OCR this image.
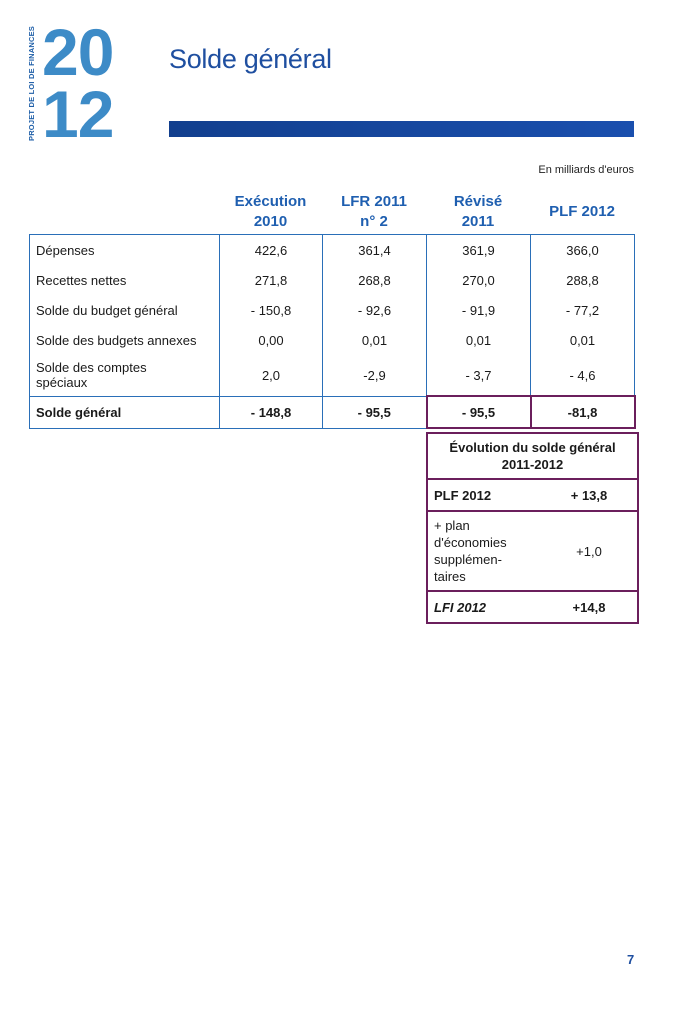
PROJET DE LOI DE FINANCES 20
12
Solde général
En milliards d'euros
Exécution
2010
LFR 2011
n° 2
Révisé
2011
PLF 2012
Dépenses	422,6	361,4	361,9	366,0
Recettes nettes	271,8	268,8	270,0	288,8
Solde du budget général	- 150,8	- 92,6	- 91,9	- 77,2
Solde des budgets annexes	0,00	0,01	0,01	0,01

Solde des comptes
spéciaux	2,0	-2,9	- 3,7	- 4,6
Solde général	- 148,8	- 95,5	- 95,5	-81,8
Évolution du solde général
2011-2012
PLF 2012	+ 13,8
+ plan
d'économies
supplémen-
taires
+1,0
LFI 2012	+14,8
7
